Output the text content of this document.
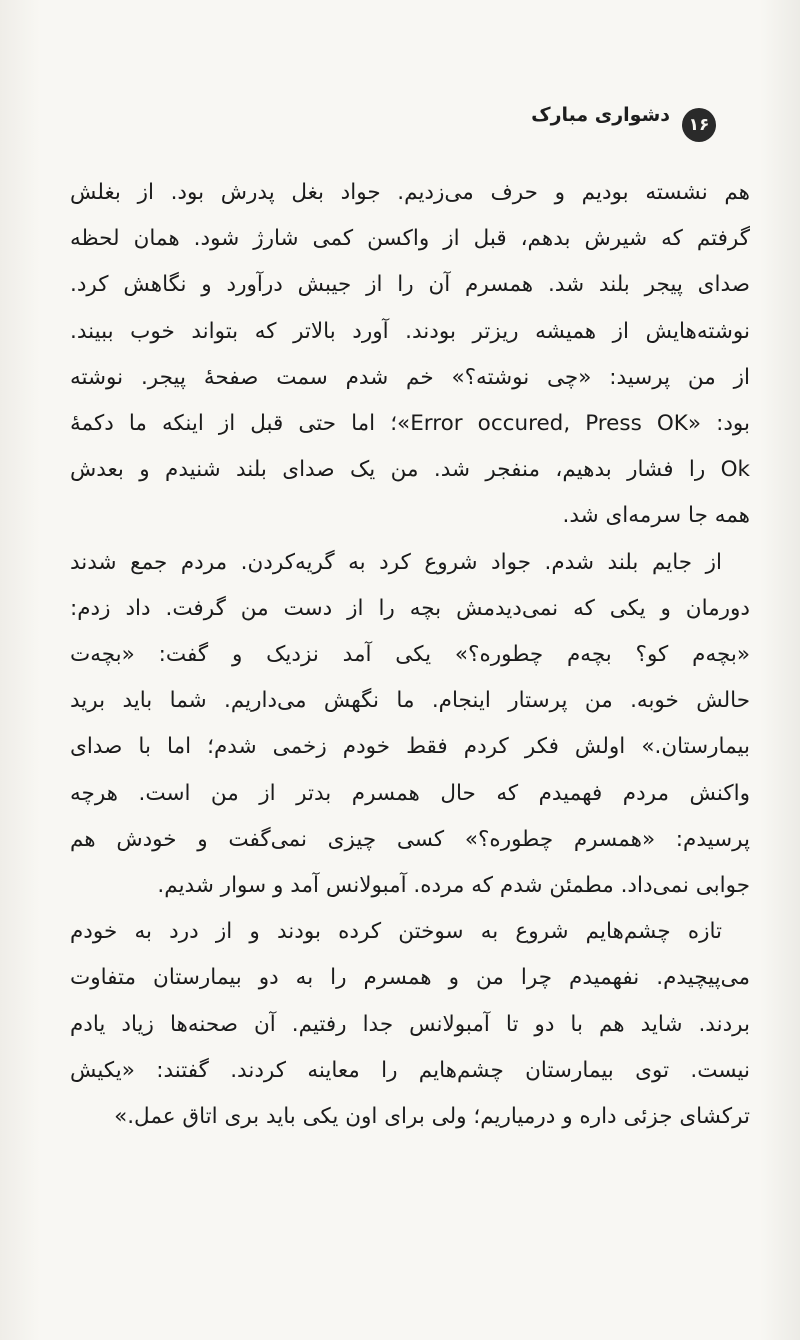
دشواری مبارک	۱۶

هم نشسته بودیم و حرف می‌زدیم. جواد بغل پدرش بود. از بغلش
گرفتم که شیرش بدهم، قبل از واکسن کمی شارژ شود. همان لحظه
صدای پیجر بلند شد. همسرم آن را از جیبش درآورد و نگاهش کرد.
نوشته‌هایش از همیشه ریزتر بودند. آورد بالاتر که بتواند خوب ببیند.
از من پرسید: «چی نوشته؟» خم شدم سمت صفحهٔ پیجر. نوشته
بود: «Error occured, Press OK»؛ اما حتی قبل از اینکه ما دکمهٔ
Ok را فشار بدهیم، منفجر شد. من یک صدای بلند شنیدم و بعدش
همه جا سرمه‌ای شد.

از جایم بلند شدم. جواد شروع کرد به گریه‌کردن. مردم جمع شدند
دورمان و یکی که نمی‌دیدمش بچه را از دست من گرفت. داد زدم:
«بچه‌م کو؟ بچه‌م چطوره؟» یکی آمد نزدیک و گفت: «بچه‌ت
حالش خوبه. من پرستار اینجام. ما نگهش می‌داریم. شما باید برید
بیمارستان.» اولش فکر کردم فقط خودم زخمی شدم؛ اما با صدای
واکنش مردم فهمیدم که حال همسرم بدتر از من است. هرچه
پرسیدم: «همسرم چطوره؟» کسی چیزی نمی‌گفت و خودش هم
جوابی نمی‌داد. مطمئن شدم که مرده. آمبولانس آمد و سوار شدیم.

تازه چشم‌هایم شروع به سوختن کرده بودند و از درد به خودم
می‌پیچیدم. نفهمیدم چرا من و همسرم را به دو بیمارستان متفاوت
بردند. شاید هم با دو تا آمبولانس جدا رفتیم. آن صحنه‌ها زیاد یادم
نیست. توی بیمارستان چشم‌هایم را معاینه کردند. گفتند: «یکیش
ترکشای جزئی داره و درمیاریم؛ ولی برای اون یکی باید بری اتاق عمل.»
